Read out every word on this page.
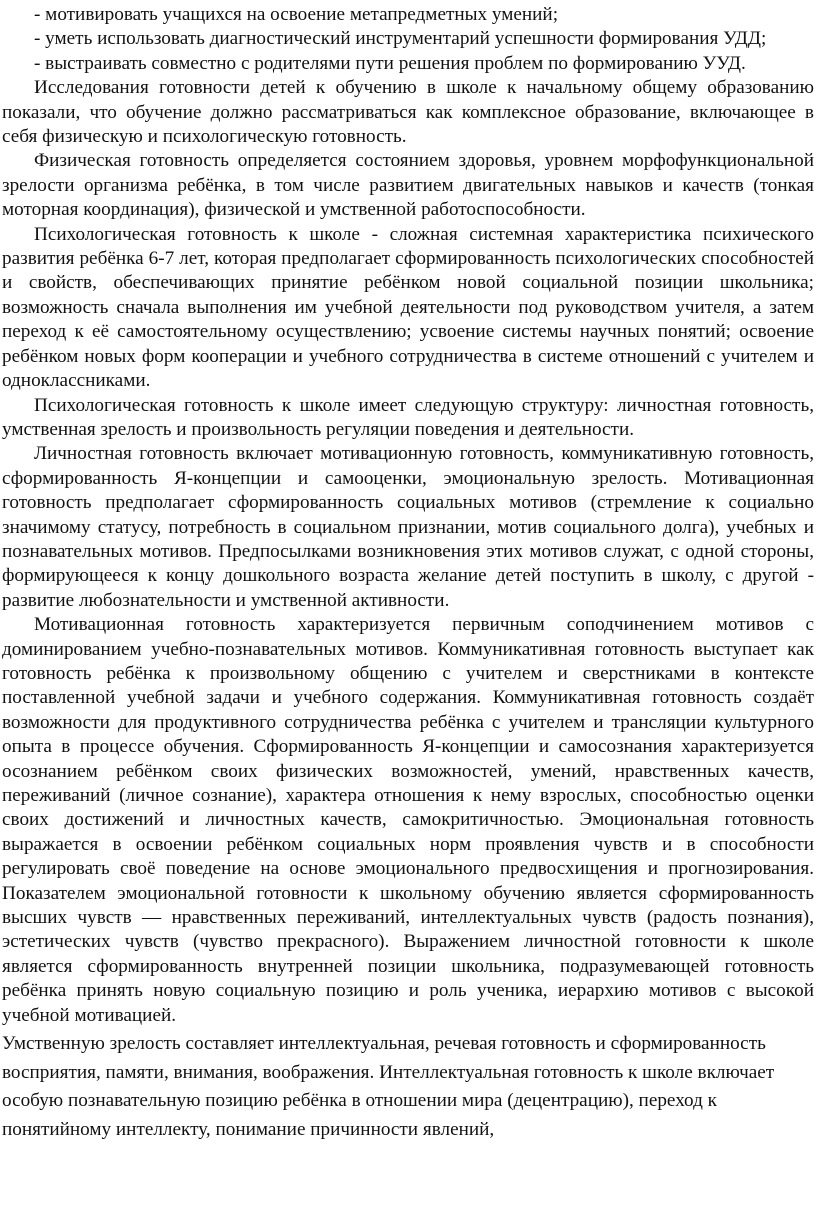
- мотивировать учащихся на освоение метапредметных умений;

- уметь использовать диагностический инструментарий успешности формирования УДД;

- выстраивать совместно с родителями пути решения проблем по формированию УУД.

Исследования готовности детей к обучению в школе к начальному общему образованию показали, что обучение должно рассматриваться как комплексное образование, включающее в себя физическую и психологическую готовность.

Физическая готовность определяется состоянием здоровья, уровнем морфофункциональной зрелости организма ребёнка, в том числе развитием двигательных навыков и качеств (тонкая моторная координация), физической и умственной работоспособности.

Психологическая готовность к школе - сложная системная характеристика психического развития ребёнка 6-7 лет, которая предполагает сформированность психологических способностей и свойств, обеспечивающих принятие ребёнком новой социальной позиции школьника; возможность сначала выполнения им учебной деятельности под руководством учителя, а затем переход к её самостоятельному осуществлению; усвоение системы научных понятий; освоение ребёнком новых форм кооперации и учебного сотрудничества в системе отношений с учителем и одноклассниками.

Психологическая готовность к школе имеет следующую структуру: личностная готовность, умственная зрелость и произвольность регуляции поведения и деятельности.

Личностная готовность включает мотивационную готовность, коммуникативную готовность, сформированность Я-концепции и самооценки, эмоциональную зрелость. Мотивационная готовность предполагает сформированность социальных мотивов (стремление к социально значимому статусу, потребность в социальном признании, мотив социального долга), учебных и познавательных мотивов. Предпосылками возникновения этих мотивов служат, с одной стороны, формирующееся к концу дошкольного возраста желание детей поступить в школу, с другой - развитие любознательности и умственной активности.

Мотивационная готовность характеризуется первичным соподчинением мотивов с доминированием учебно-познавательных мотивов. Коммуникативная готовность выступает как готовность ребёнка к произвольному общению с учителем и сверстниками в контексте поставленной учебной задачи и учебного содержания. Коммуникативная готовность создаёт возможности для продуктивного сотрудничества ребёнка с учителем и трансляции культурного опыта в процессе обучения. Сформированность Я-концепции и самосознания характеризуется осознанием ребёнком своих физических возможностей, умений, нравственных качеств, переживаний (личное сознание), характера отношения к нему взрослых, способностью оценки своих достижений и личностных качеств, самокритичностью. Эмоциональная готовность выражается в освоении ребёнком социальных норм проявления чувств и в способности регулировать своё поведение на основе эмоционального предвосхищения и прогнозирования. Показателем эмоциональной готовности к школьному обучению является сформированность высших чувств — нравственных переживаний, интеллектуальных чувств (радость познания), эстетических чувств (чувство прекрасного). Выражением личностной готовности к школе является сформированность внутренней позиции школьника, подразумевающей готовность ребёнка принять новую социальную позицию и роль ученика, иерархию мотивов с высокой учебной мотивацией.

Умственную зрелость составляет интеллектуальная, речевая готовность и сформированность восприятия, памяти, внимания, воображения. Интеллектуальная готовность к школе включает особую познавательную позицию ребёнка в отношении мира (децентрацию), переход к понятийному интеллекту, понимание причинности явлений,
